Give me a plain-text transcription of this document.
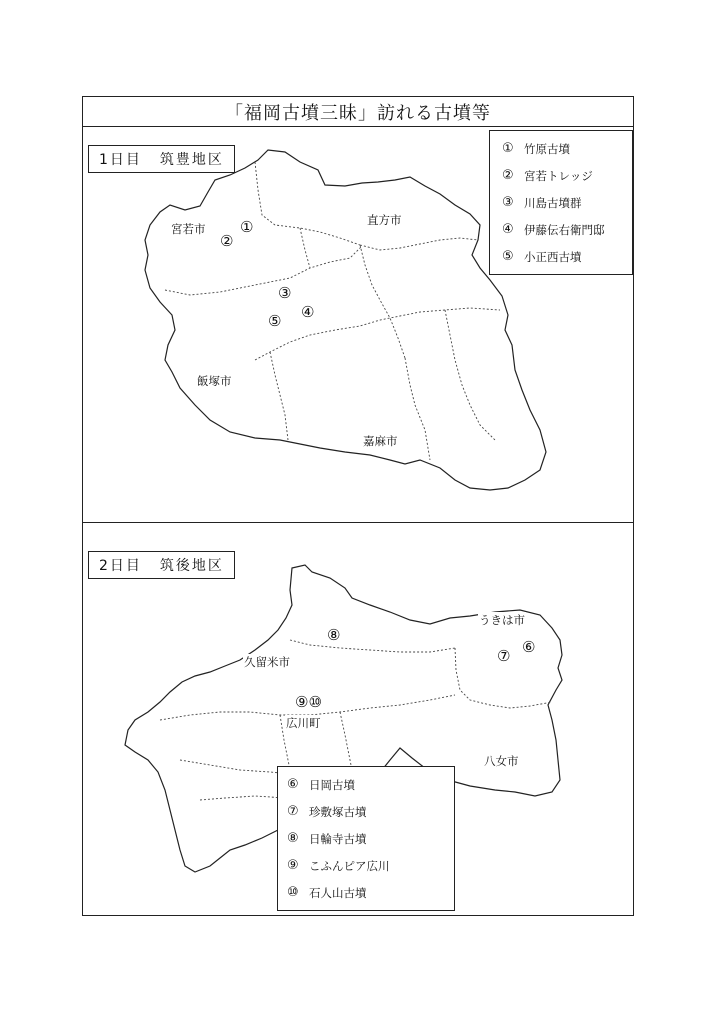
「福岡古墳三昧」訪れる古墳等
1日目 筑豊地区
① 竹原古墳
② 宮若トレッジ
③ 川島古墳群
④ 伊藤伝右衛門邸
⑤ 小正西古墳
宮若市
直方市
飯塚市
嘉麻市
①
②
③
④
⑤
2日目 筑後地区
うきは市
久留米市
広川町
八女市
⑥
⑦
⑧
⑨⑩
⑥ 日岡古墳
⑦ 珍敷塚古墳
⑧ 日輪寺古墳
⑨ こふんピア広川
⑩ 石人山古墳
